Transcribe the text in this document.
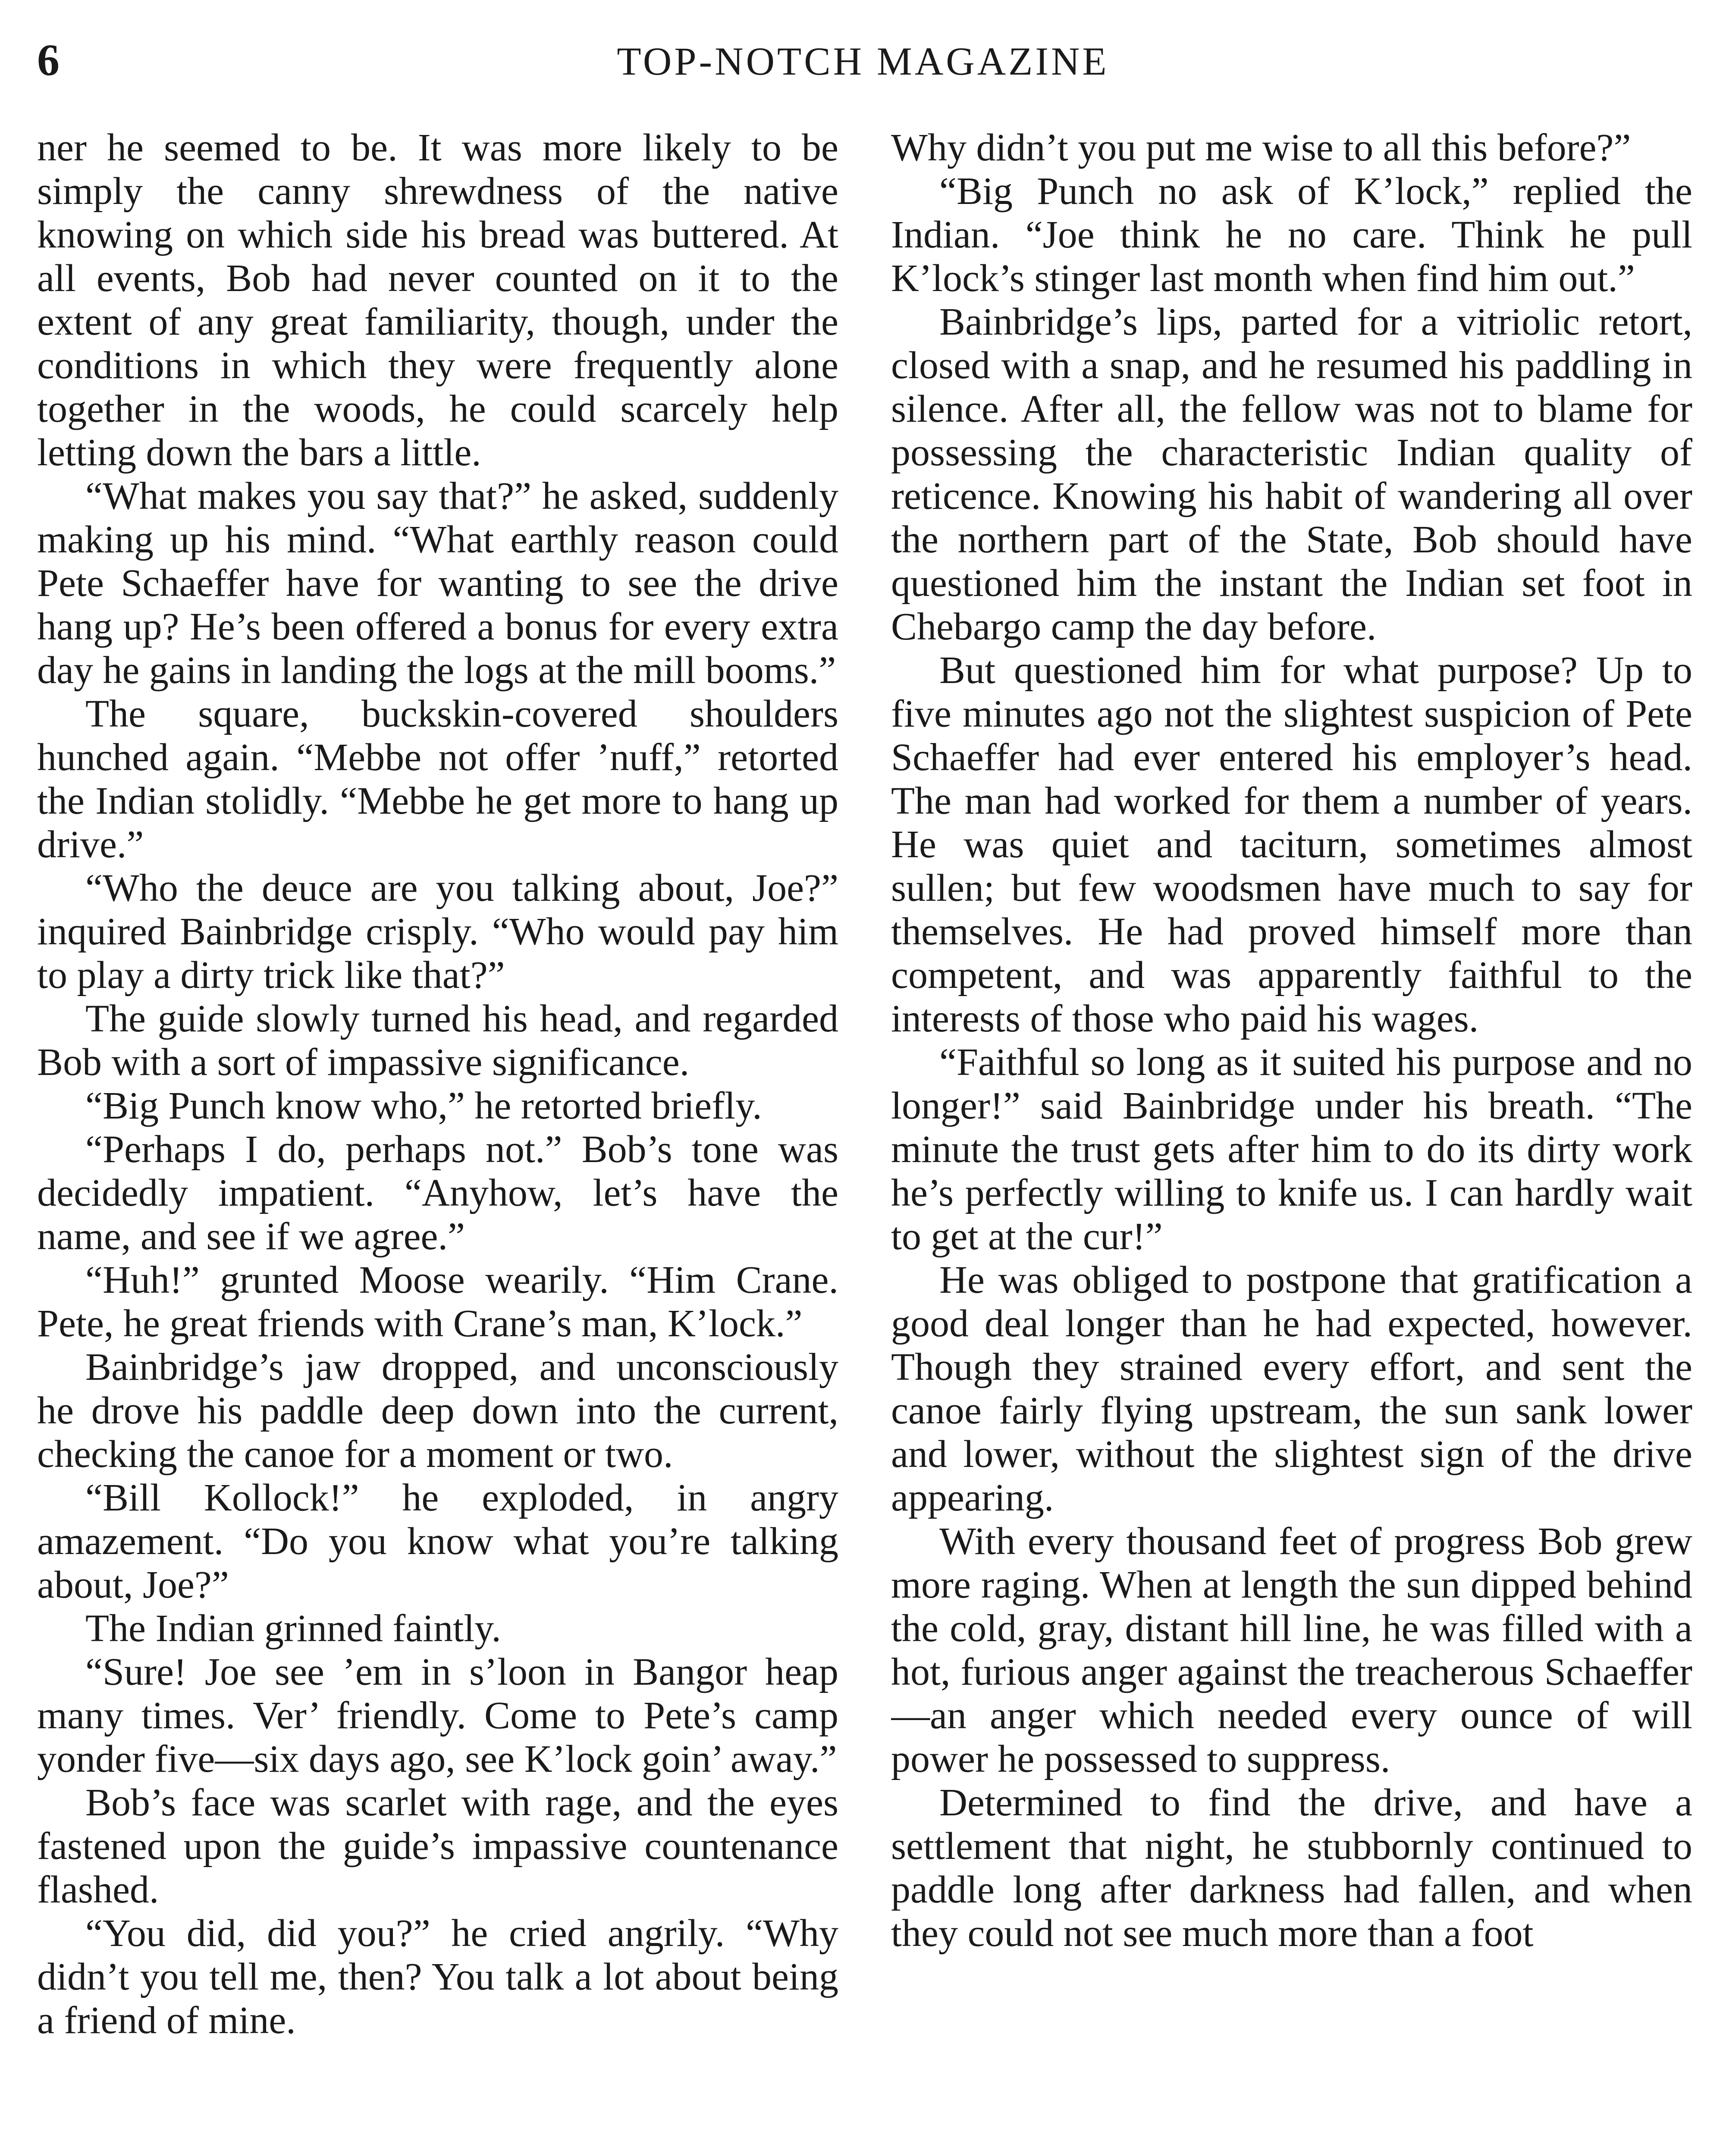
6	TOP-NOTCH MAGAZINE

ner he seemed to be. It was more likely to be simply the canny shrewdness of the native knowing on which side his bread was buttered. At all events, Bob had never counted on it to the extent of any great familiarity, though, under the conditions in which they were frequently alone together in the woods, he could scarcely help letting down the bars a little.

“What makes you say that?” he asked, suddenly making up his mind. “What earthly reason could Pete Schaeffer have for wanting to see the drive hang up? He’s been offered a bonus for every extra day he gains in landing the logs at the mill booms.”

The square, buckskin-covered shoulders hunched again. “Mebbe not offer ’nuff,” retorted the Indian stolidly. “Mebbe he get more to hang up drive.”

“Who the deuce are you talking about, Joe?” inquired Bainbridge crisply. “Who would pay him to play a dirty trick like that?”

The guide slowly turned his head, and regarded Bob with a sort of impassive significance.

“Big Punch know who,” he retorted briefly.

“Perhaps I do, perhaps not.” Bob’s tone was decidedly impatient. “Anyhow, let’s have the name, and see if we agree.”

“Huh!” grunted Moose wearily. “Him Crane. Pete, he great friends with Crane’s man, K’lock.”

Bainbridge’s jaw dropped, and unconsciously he drove his paddle deep down into the current, checking the canoe for a moment or two.

“Bill Kollock!” he exploded, in angry amazement. “Do you know what you’re talking about, Joe?”

The Indian grinned faintly.

“Sure! Joe see ’em in s’loon in Bangor heap many times. Ver’ friendly. Come to Pete’s camp yonder five—six days ago, see K’lock goin’ away.”

Bob’s face was scarlet with rage, and the eyes fastened upon the guide’s impassive countenance flashed.

“You did, did you?” he cried angrily. “Why didn’t you tell me, then? You talk a lot about being a friend of mine.

Why didn’t you put me wise to all this before?”

“Big Punch no ask of K’lock,” replied the Indian. “Joe think he no care. Think he pull K’lock’s stinger last month when find him out.”

Bainbridge’s lips, parted for a vitriolic retort, closed with a snap, and he resumed his paddling in silence. After all, the fellow was not to blame for possessing the characteristic Indian quality of reticence. Knowing his habit of wandering all over the northern part of the State, Bob should have questioned him the instant the Indian set foot in Chebargo camp the day before.

But questioned him for what purpose? Up to five minutes ago not the slightest suspicion of Pete Schaeffer had ever entered his employer’s head. The man had worked for them a number of years. He was quiet and taciturn, sometimes almost sullen; but few woodsmen have much to say for themselves. He had proved himself more than competent, and was apparently faithful to the interests of those who paid his wages.

“Faithful so long as it suited his purpose and no longer!” said Bainbridge under his breath. “The minute the trust gets after him to do its dirty work he’s perfectly willing to knife us. I can hardly wait to get at the cur!”

He was obliged to postpone that gratification a good deal longer than he had expected, however. Though they strained every effort, and sent the canoe fairly flying upstream, the sun sank lower and lower, without the slightest sign of the drive appearing.

With every thousand feet of progress Bob grew more raging. When at length the sun dipped behind the cold, gray, distant hill line, he was filled with a hot, furious anger against the treacherous Schaeffer—an anger which needed every ounce of will power he possessed to suppress.

Determined to find the drive, and have a settlement that night, he stubbornly continued to paddle long after darkness had fallen, and when they could not see much more than a foot
